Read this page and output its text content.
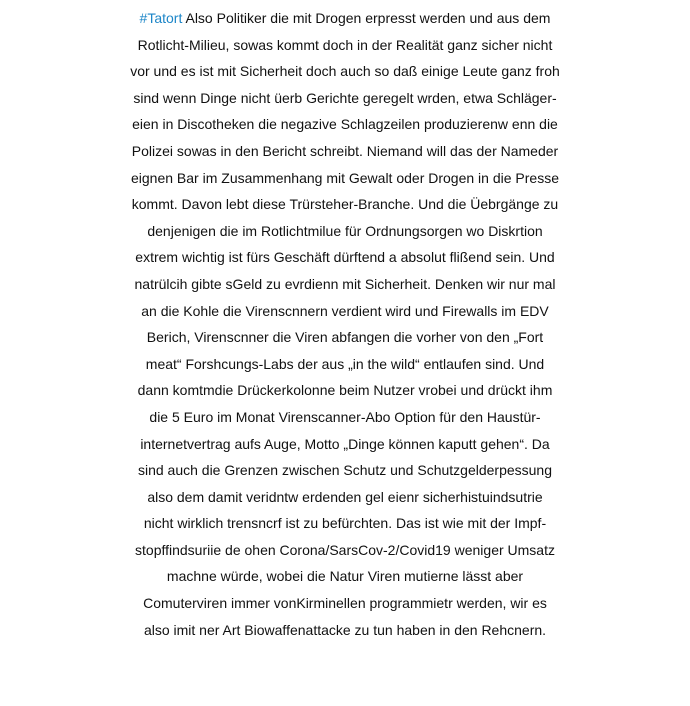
#Tatort Also Politiker die mit Drogen erpresst werden und aus dem
Rotlicht-Milieu, sowas kommt doch in der Realität ganz sicher nicht
vor und es ist mit Sicherheit doch auch so daß einige Leute ganz froh
sind wenn Dinge nicht üerb Gerichte geregelt wrden, etwa Schläger-
eien in Discotheken die negazive Schlagzeilen produzierenw enn die
Polizei sowas in den Bericht schreibt. Niemand will das der Nameder
eignen Bar im Zusammenhang mit Gewalt oder Drogen in die Presse
kommt. Davon lebt diese Trürsteher-Branche. Und die Üebrgänge zu
denjenigen die im Rotlichtmilue für Ordnungsorgen wo Diskrtion
extrem wichtig ist fürs Geschäft dürftend a absolut flißend sein. Und
natrülcih gibte sGeld zu evrdienn mit Sicherheit. Denken wir nur mal
an die Kohle die Virenscnnern verdient wird und Firewalls im EDV
Berich, Virenscnner die Viren abfangen die vorher von den „Fort
meat“ Forshcungs-Labs der aus „in the wild“ entlaufen sind. Und
dann komtmdie Drückerkolonne beim Nutzer vrobei und drückt ihm
die 5 Euro im Monat Virenscanner-Abo Option für den Haustür-
internetvertrag aufs Auge, Motto „Dinge können kaputt gehen“. Da
sind auch die Grenzen zwischen Schutz und Schutzgelderpessung
also dem damit veridntw erdenden gel eienr sicherhistuindsutrie
nicht wirklich trensncrf ist zu befürchten. Das ist wie mit der Impf-
stopffindsuriie de ohen Corona/SarsCov-2/Covid19 weniger Umsatz
machne würde, wobei die Natur Viren mutierne lässt aber
Comuterviren immer vonKirminellen programmietr werden, wir es
also imit ner Art Biowaffenattacke zu tun haben in den Rehcnern.
